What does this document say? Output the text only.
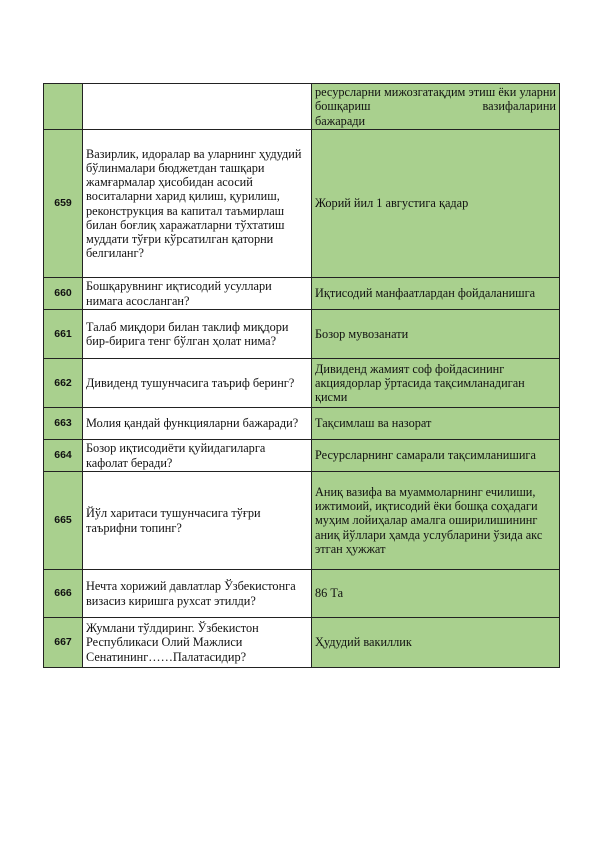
		ресурсларни мижозгатақдим этиш ёки уларни бошқариш вазифаларини
бажаради

659	Вазирлик, идоралар ва уларнинг ҳудудий бўлинмалари бюджетдан ташқари жамғармалар ҳисобидан асосий воситаларни харид қилиш, қурилиш, реконструкция ва капитал таъмирлаш билан боғлиқ харажатларни тўхтатиш муддати тўғри кўрсатилган қаторни белгиланг?	Жорий йил 1 августига қадар
660	Бошқарувнинг иқтисодий усуллари нимага асосланган?	Иқтисодий манфаатлардан фойдаланишга
661	Талаб миқдори билан таклиф миқдори бир-бирига тенг бўлган ҳолат нима?	Бозор мувозанати
662	Дивиденд тушунчасига таъриф беринг?	Дивиденд жамият соф фойдасининг акциядорлар ўртасида тақсимланадиган қисми
663	Молия қандай функцияларни бажаради?	Тақсимлаш ва назорат
664	Бозор иқтисодиёти қуйидагиларга кафолат беради?	Ресурсларнинг самарали тақсимланишига
665	Йўл харитаси тушунчасига тўғри таърифни топинг?	Аниқ вазифа ва муаммоларнинг ечилиши, ижтимоий, иқтисодий ёки бошқа соҳадаги муҳим лойиҳалар амалга оширилишининг аниқ йўллари ҳамда услубларини ўзида акс этган ҳужжат
666	Нечта хорижий давлатлар Ўзбекистонга визасиз киришга рухсат этилди?	86 Та
667	Жумлани тўлдиринг. Ўзбекистон Республикаси Олий Мажлиси Сенатининг……Палатасидир?	Ҳудудий вакиллик
